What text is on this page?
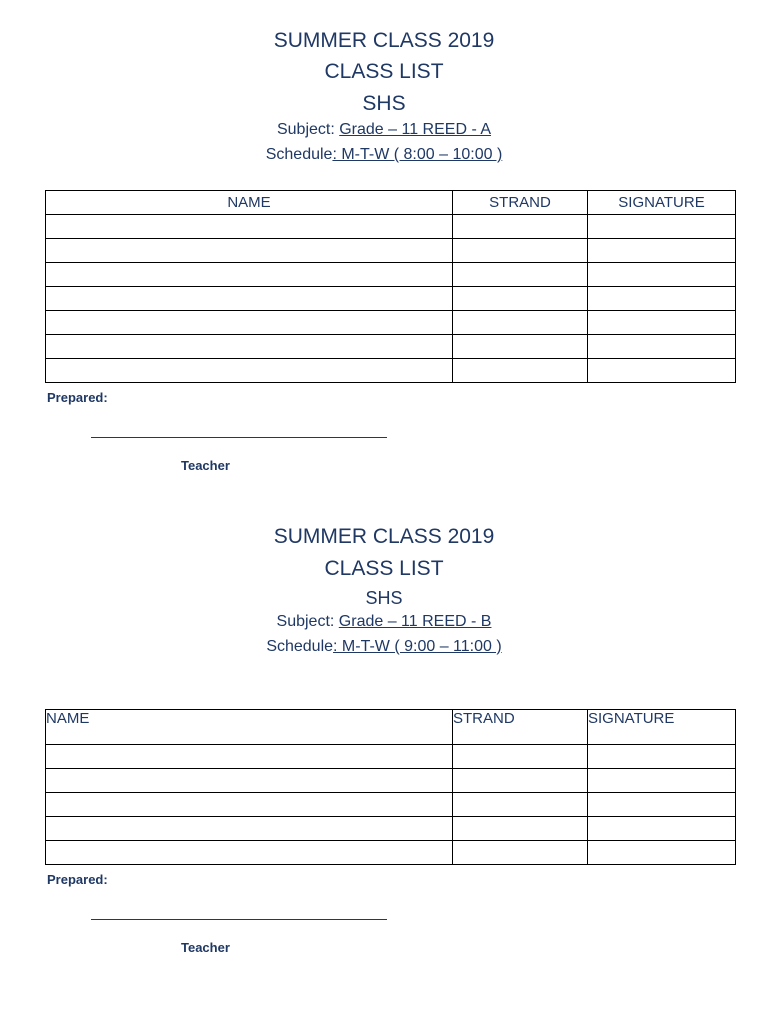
SUMMER CLASS 2019
CLASS LIST
SHS
Subject: Grade – 11 REED - A
Schedule: M-T-W ( 8:00 – 10:00 )
NAME	STRAND	SIGNATURE

Prepared:
Teacher
SUMMER CLASS 2019
CLASS LIST
SHS
Subject: Grade – 11 REED - B
Schedule: M-T-W ( 9:00 – 11:00 )
NAME	STRAND	SIGNATURE

Prepared:
Teacher
